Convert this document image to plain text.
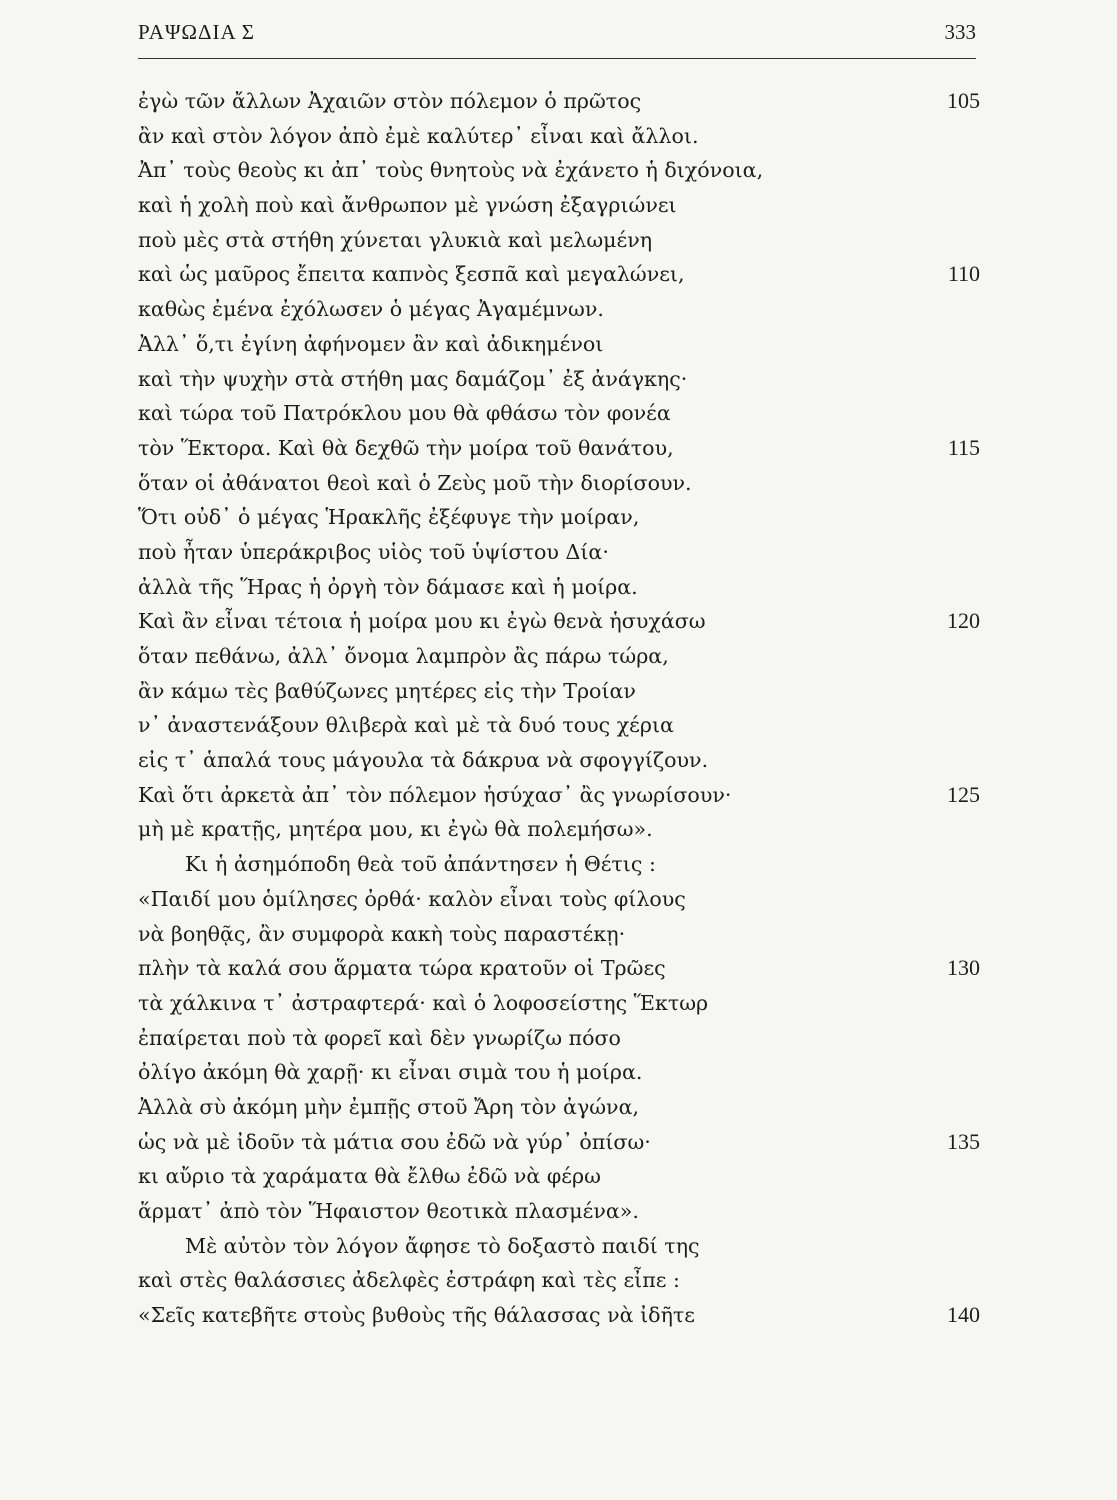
ΡΑΨΩΔΙΑ Σ	333
ἐγὼ τῶν ἄλλων Ἀχαιῶν στὸν πόλεμον ὁ πρῶτος	105
ἂν καὶ στὸν λόγον ἀπὸ ἐμὲ καλύτερ᾽ εἶναι καὶ ἄλλοι.
Ἀπ᾽ τοὺς θεοὺς κι ἀπ᾽ τοὺς θνητοὺς νὰ ἐχάνετο ἡ διχόνοια,
καὶ ἡ χολὴ ποὺ καὶ ἄνθρωπον μὲ γνώση ἐξαγριώνει
ποὺ μὲς στὰ στήθη χύνεται γλυκιὰ καὶ μελωμένη
καὶ ὡς μαῦρος ἔπειτα καπνὸς ξεσπᾶ καὶ μεγαλώνει,	110
καθὼς ἐμένα ἐχόλωσεν ὁ μέγας Ἀγαμέμνων.
Ἀλλ᾽ ὅ,τι ἐγίνη ἀφήνομεν ἂν καὶ ἀδικημένοι
καὶ τὴν ψυχὴν στὰ στήθη μας δαμάζομ᾽ ἐξ ἀνάγκης·
καὶ τώρα τοῦ Πατρόκλου μου θὰ φθάσω τὸν φονέα
τὸν Ἕκτορα. Καὶ θὰ δεχθῶ τὴν μοίρα τοῦ θανάτου,	115
ὅταν οἱ ἀθάνατοι θεοὶ καὶ ὁ Ζεὺς μοῦ τὴν διορίσουν.
Ὅτι οὐδ᾽ ὁ μέγας Ἡρακλῆς ἐξέφυγε τὴν μοίραν,
ποὺ ἦταν ὑπεράκριβος υἱὸς τοῦ ὑψίστου Δία·
ἀλλὰ τῆς Ἥρας ἡ ὀργὴ τὸν δάμασε καὶ ἡ μοίρα.
Καὶ ἂν εἶναι τέτοια ἡ μοίρα μου κι ἐγὼ θενὰ ἡσυχάσω	120
ὅταν πεθάνω, ἀλλ᾽ ὄνομα λαμπρὸν ἂς πάρω τώρα,
ἂν κάμω τὲς βαθύζωνες μητέρες εἰς τὴν Τροίαν
ν᾽ ἀναστενάξουν θλιβερὰ καὶ μὲ τὰ δυό τους χέρια
εἰς τ᾽ ἁπαλά τους μάγουλα τὰ δάκρυα νὰ σφογγίζουν.
Καὶ ὅτι ἀρκετὰ ἀπ᾽ τὸν πόλεμον ἡσύχασ᾽ ἂς γνωρίσουν·	125
μὴ μὲ κρατῇς, μητέρα μου, κι ἐγὼ θὰ πολεμήσω».
Κι ἡ ἀσημόποδη θεὰ τοῦ ἀπάντησεν ἡ Θέτις :
«Παιδί μου ὁμίλησες ὀρθά· καλὸν εἶναι τοὺς φίλους
νὰ βοηθᾷς, ἂν συμφορὰ κακὴ τοὺς παραστέκῃ·
πλὴν τὰ καλά σου ἅρματα τώρα κρατοῦν οἱ Τρῶες	130
τὰ χάλκινα τ᾽ ἀστραφτερά· καὶ ὁ λοφοσείστης Ἕκτωρ
ἐπαίρεται ποὺ τὰ φορεῖ καὶ δὲν γνωρίζω πόσο
ὀλίγο ἀκόμη θὰ χαρῇ· κι εἶναι σιμὰ του ἡ μοίρα.
Ἀλλὰ σὺ ἀκόμη μὴν ἐμπῇς στοῦ Ἄρη τὸν ἀγώνα,
ὡς νὰ μὲ ἰδοῦν τὰ μάτια σου ἐδῶ νὰ γύρ᾽ ὀπίσω·	135
κι αὔριο τὰ χαράματα θὰ ἔλθω ἐδῶ νὰ φέρω
ἅρματ᾽ ἀπὸ τὸν Ἥφαιστον θεοτικὰ πλασμένα».
Μὲ αὐτὸν τὸν λόγον ἄφησε τὸ δοξαστὸ παιδί της
καὶ στὲς θαλάσσιες ἀδελφὲς ἐστράφη καὶ τὲς εἶπε :
«Σεῖς κατεβῆτε στοὺς βυθοὺς τῆς θάλασσας νὰ ἰδῆτε	140
